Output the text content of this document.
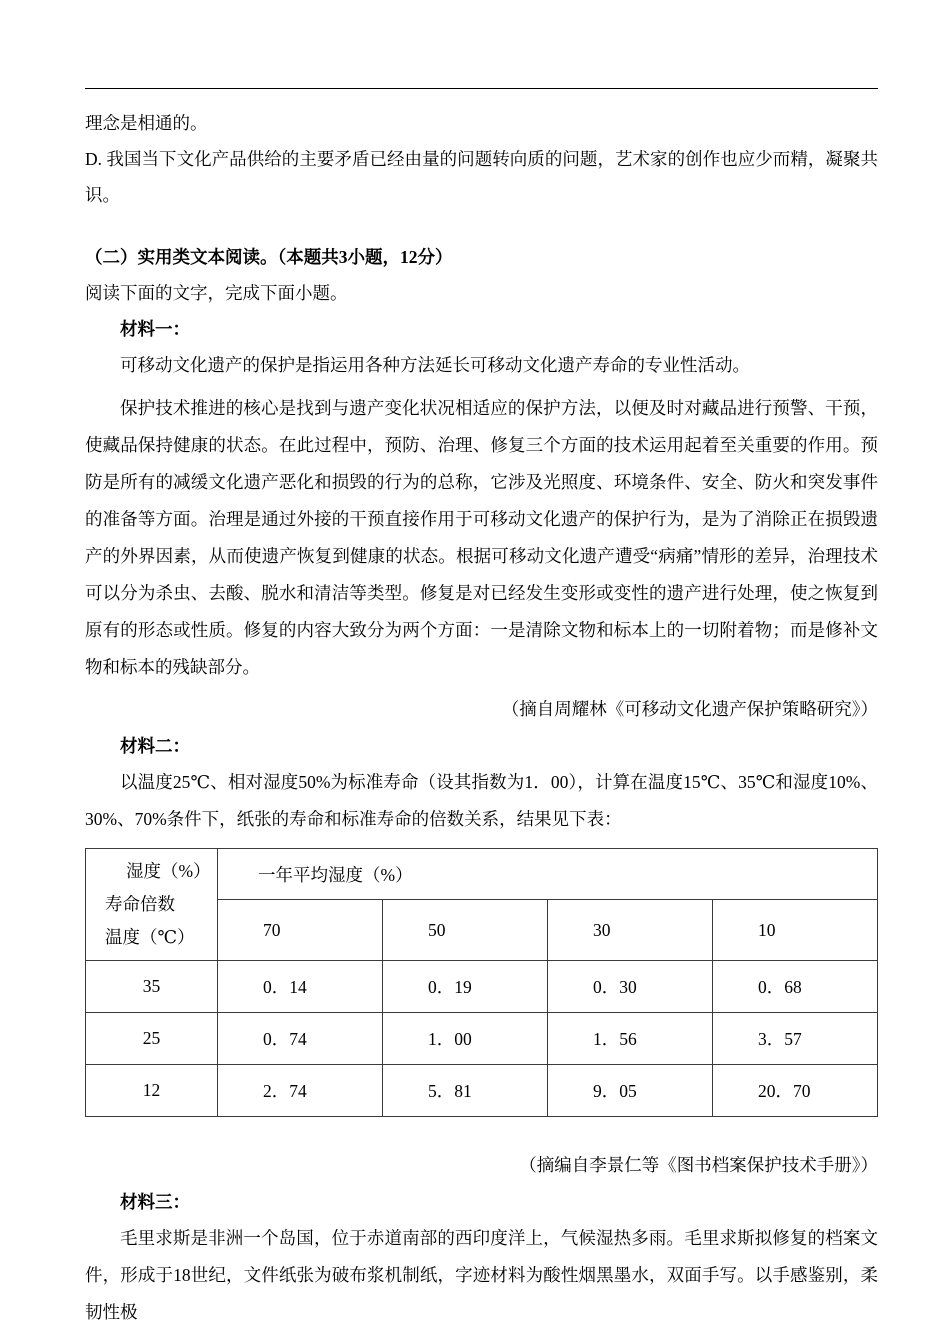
理念是相通的。

D. 我国当下文化产品供给的主要矛盾已经由量的问题转向质的问题，艺术家的创作也应少而精，凝聚共识。

（二）实用类文本阅读。（本题共3小题，12分）

阅读下面的文字，完成下面小题。

材料一：

可移动文化遗产的保护是指运用各种方法延长可移动文化遗产寿命的专业性活动。

保护技术推进的核心是找到与遗产变化状况相适应的保护方法，以便及时对藏品进行预警、干预，使藏品保持健康的状态。在此过程中，预防、治理、修复三个方面的技术运用起着至关重要的作用。预防是所有的减缓文化遗产恶化和损毁的行为的总称，它涉及光照度、环境条件、安全、防火和突发事件的准备等方面。治理是通过外接的干预直接作用于可移动文化遗产的保护行为，是为了消除正在损毁遗产的外界因素，从而使遗产恢复到健康的状态。根据可移动文化遗产遭受“病痛”情形的差异，治理技术可以分为杀虫、去酸、脱水和清洁等类型。修复是对已经发生变形或变性的遗产进行处理，使之恢复到原有的形态或性质。修复的内容大致分为两个方面：一是清除文物和标本上的一切附着物；而是修补文物和标本的残缺部分。

（摘自周耀林《可移动文化遗产保护策略研究》）

材料二：

以温度25℃、相对湿度50%为标准寿命（设其指数为1．00），计算在温度15℃、35℃和湿度10%、30%、70%条件下，纸张的寿命和标准寿命的倍数关系，结果见下表：

湿度（%）
寿命倍数
温度（℃）	一年平均湿度（%）			
	70	50	30	10
35	0．14	0．19	0．30	0．68
25	0．74	1．00	1．56	3．57
12	2．74	5．81	9．05	20．70

（摘编自李景仁等《图书档案保护技术手册》）

材料三：

毛里求斯是非洲一个岛国，位于赤道南部的西印度洋上，气候湿热多雨。毛里求斯拟修复的档案文件，形成于18世纪，文件纸张为破布浆机制纸，字迹材料为酸性烟黑墨水，双面手写。以手感鉴别，柔韧性极
